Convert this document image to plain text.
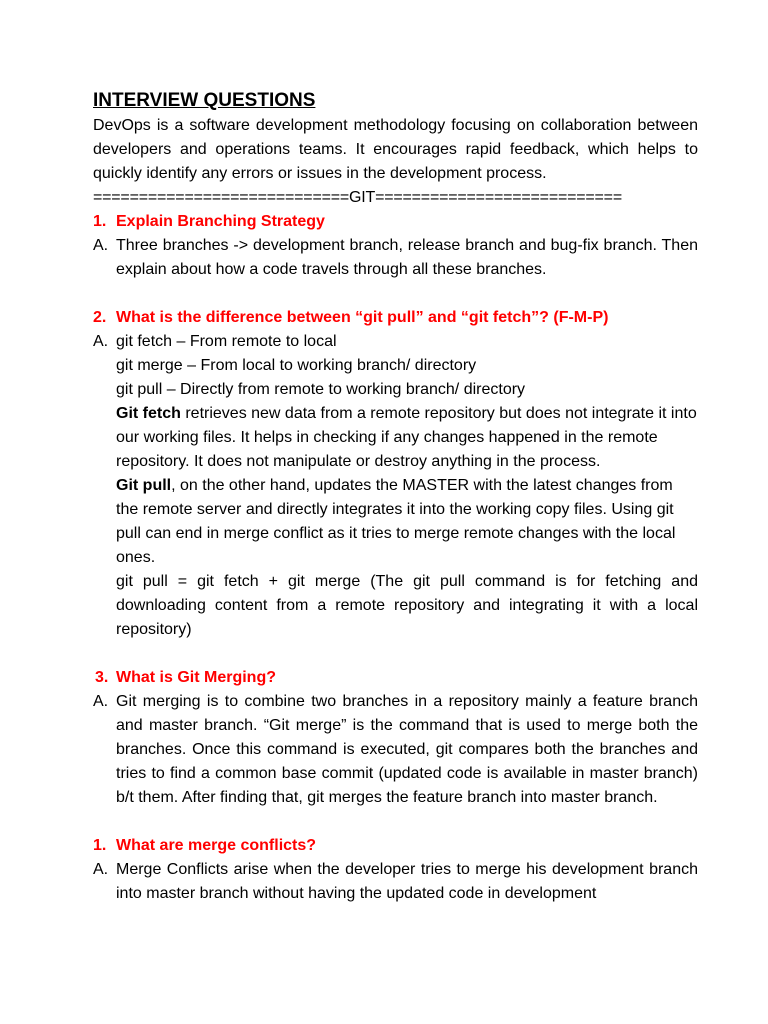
INTERVIEW QUESTIONS
DevOps is a software development methodology focusing on collaboration between developers and operations teams. It encourages rapid feedback, which helps to quickly identify any errors or issues in the development process.
============================GIT===========================
1. Explain Branching Strategy
A. Three branches -> development branch, release branch and bug-fix branch. Then explain about how a code travels through all these branches.
2. What is the difference between “git pull” and “git fetch”? (F-M-P)
A. git fetch – From remote to local
git merge – From local to working branch/ directory
git pull – Directly from remote to working branch/ directory
Git fetch retrieves new data from a remote repository but does not integrate it into our working files. It helps in checking if any changes happened in the remote repository. It does not manipulate or destroy anything in the process.
Git pull, on the other hand, updates the MASTER with the latest changes from the remote server and directly integrates it into the working copy files. Using git pull can end in merge conflict as it tries to merge remote changes with the local ones.
git pull = git fetch + git merge (The git pull command is for fetching and downloading content from a remote repository and integrating it with a local repository)
3. What is Git Merging?
A. Git merging is to combine two branches in a repository mainly a feature branch and master branch. “Git merge” is the command that is used to merge both the branches. Once this command is executed, git compares both the branches and tries to find a common base commit (updated code is available in master branch) b/t them. After finding that, git merges the feature branch into master branch.
1. What are merge conflicts?
A. Merge Conflicts arise when the developer tries to merge his development branch into master branch without having the updated code in development
